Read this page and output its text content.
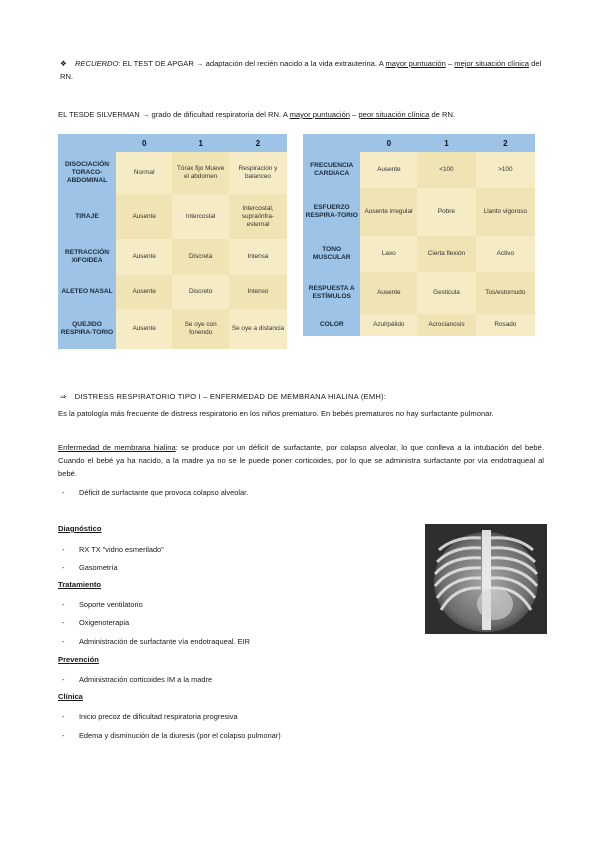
❖ RECUERDO: EL TEST DE APGAR → adaptación del recién nacido a la vida extrauterina. A mayor puntuación – mejor situación clínica del RN.
EL TESDE SILVERMAN → grado de dificultad respiratoria del RN. A mayor puntuación – peor situación clínica de RN.
	0	1	2
DISOCIACIÓN TORACO-ABDOMINAL	Normal	Tórax fijo Mueve el abdomen	Respiración y balanceo
TIRAJE	Ausente	Intercostal	Intercostal, supra/infra-esternal
RETRACCIÓN XIFOIDEA	Ausente	Discreta	Intensa
ALETEO NASAL	Ausente	Discreto	Intenso
QUEJIDO RESPIRA-TORIO	Ausente	Se oye con fonendo	Se oye a distancia
	0	1	2
FRECUENCIA CARDIACA	Ausente	<100	>100
ESFUERZO RESPIRA-TORIO	Ausente irregular	Pobre	Llanto vigoroso
TONO MUSCULAR	Laxo	Cierta flexión	Activo
RESPUESTA A ESTÍMULOS	Ausente	Gesticula	Tos/estornudo
COLOR	Azul/pálido	Acrocianosis	Rosado
⇒ DISTRESS RESPIRATORIO TIPO I – ENFERMEDAD DE MEMBRANA HIALINA (EMH):
Es la patología más frecuente de distress respiratorio en los niños prematuro. En bebés prematuros no hay surfactante pulmonar.
Enfermedad de membrana hialina: se produce por un déficit de surfactante, por colapso alveolar, lo que conlleva a la intubación del bebé. Cuando el bebé ya ha nacido, a la madre ya no se le puede poner corticoides, por lo que se administra surfactante por vía endotraqueal al bebé.
- Déficit de surfactante que provoca colapso alveolar.
Diagnóstico
- RX TX "vidrio esmerilado"
- Gasometría
Tratamiento
- Soporte ventilatorio
- Oxigenoterapia
- Administración de surfactante vía endotraqueal. EIR
Prevención
- Administración corticoides IM a la madre
Clínica
- Inicio precoz de dificultad respiratoria progresiva
- Edema y disminución de la diuresis (por el colapso pulmonar)
